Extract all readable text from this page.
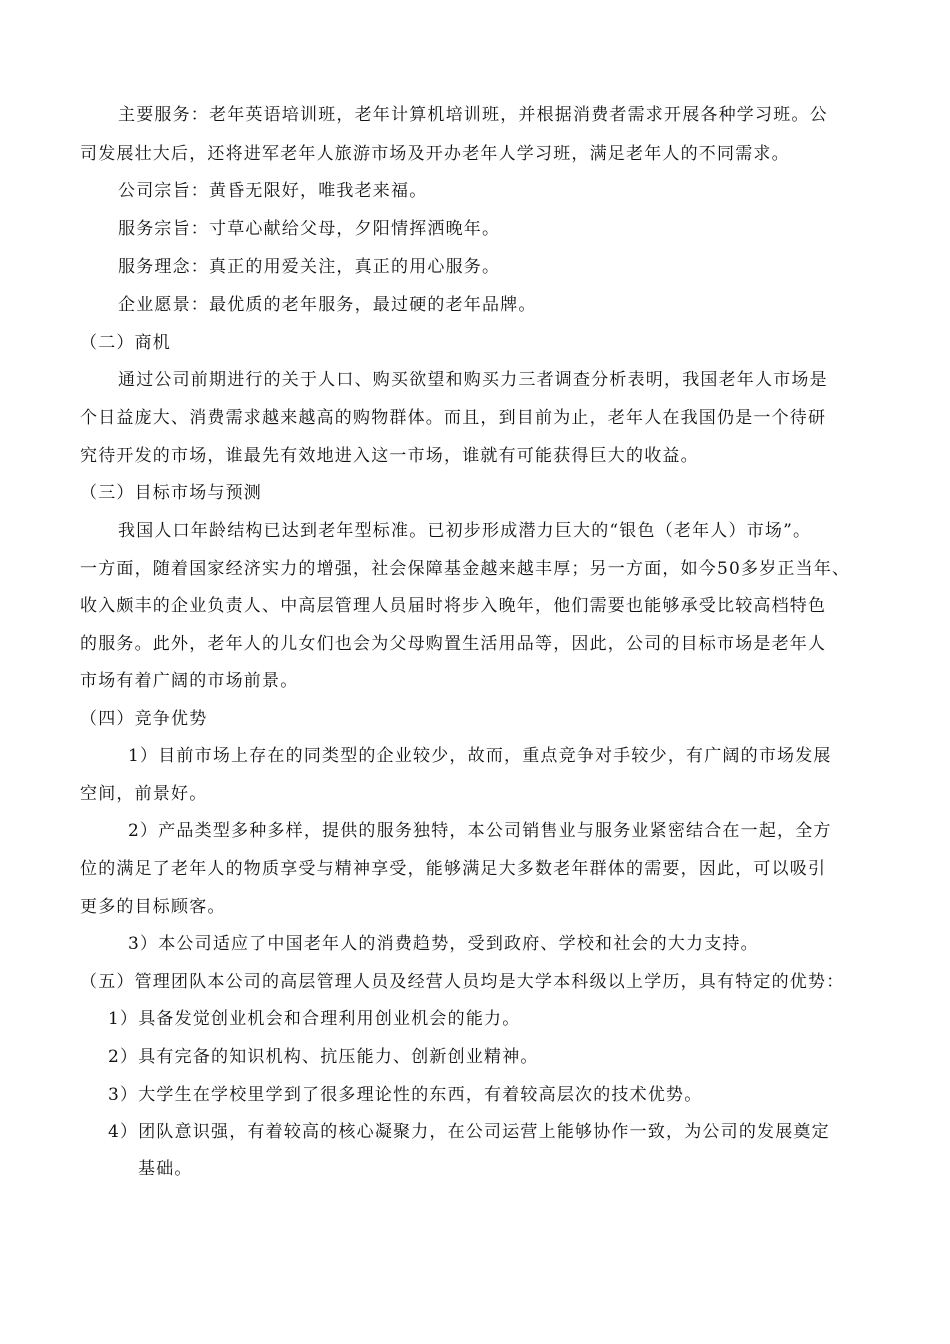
主要服务：老年英语培训班，老年计算机培训班，并根据消费者需求开展各种学习班。公
司发展壮大后，还将进军老年人旅游市场及开办老年人学习班，满足老年人的不同需求。
公司宗旨：黄昏无限好，唯我老来福。
服务宗旨：寸草心献给父母，夕阳情挥洒晚年。
服务理念：真正的用爱关注，真正的用心服务。
企业愿景：最优质的老年服务，最过硬的老年品牌。
（二）商机
通过公司前期进行的关于人口、购买欲望和购买力三者调查分析表明，我国老年人市场是
个日益庞大、消费需求越来越高的购物群体。而且，到目前为止，老年人在我国仍是一个待研
究待开发的市场，谁最先有效地进入这一市场，谁就有可能获得巨大的收益。
（三）目标市场与预测
我国人口年龄结构已达到老年型标准。已初步形成潜力巨大的“银色（老年人）市场”。
一方面，随着国家经济实力的增强，社会保障基金越来越丰厚；另一方面，如今50多岁正当年、
收入颇丰的企业负责人、中高层管理人员届时将步入晚年，他们需要也能够承受比较高档特色
的服务。此外，老年人的儿女们也会为父母购置生活用品等，因此，公司的目标市场是老年人
市场有着广阔的市场前景。
（四）竞争优势
1）目前市场上存在的同类型的企业较少，故而，重点竞争对手较少，有广阔的市场发展
空间，前景好。
2）产品类型多种多样，提供的服务独特，本公司销售业与服务业紧密结合在一起，全方
位的满足了老年人的物质享受与精神享受，能够满足大多数老年群体的需要，因此，可以吸引
更多的目标顾客。
3）本公司适应了中国老年人的消费趋势，受到政府、学校和社会的大力支持。
（五）管理团队本公司的高层管理人员及经营人员均是大学本科级以上学历，具有特定的优势：
1）具备发觉创业机会和合理利用创业机会的能力。
2）具有完备的知识机构、抗压能力、创新创业精神。
3）大学生在学校里学到了很多理论性的东西，有着较高层次的技术优势。
4）团队意识强，有着较高的核心凝聚力，在公司运营上能够协作一致，为公司的发展奠定
基础。
